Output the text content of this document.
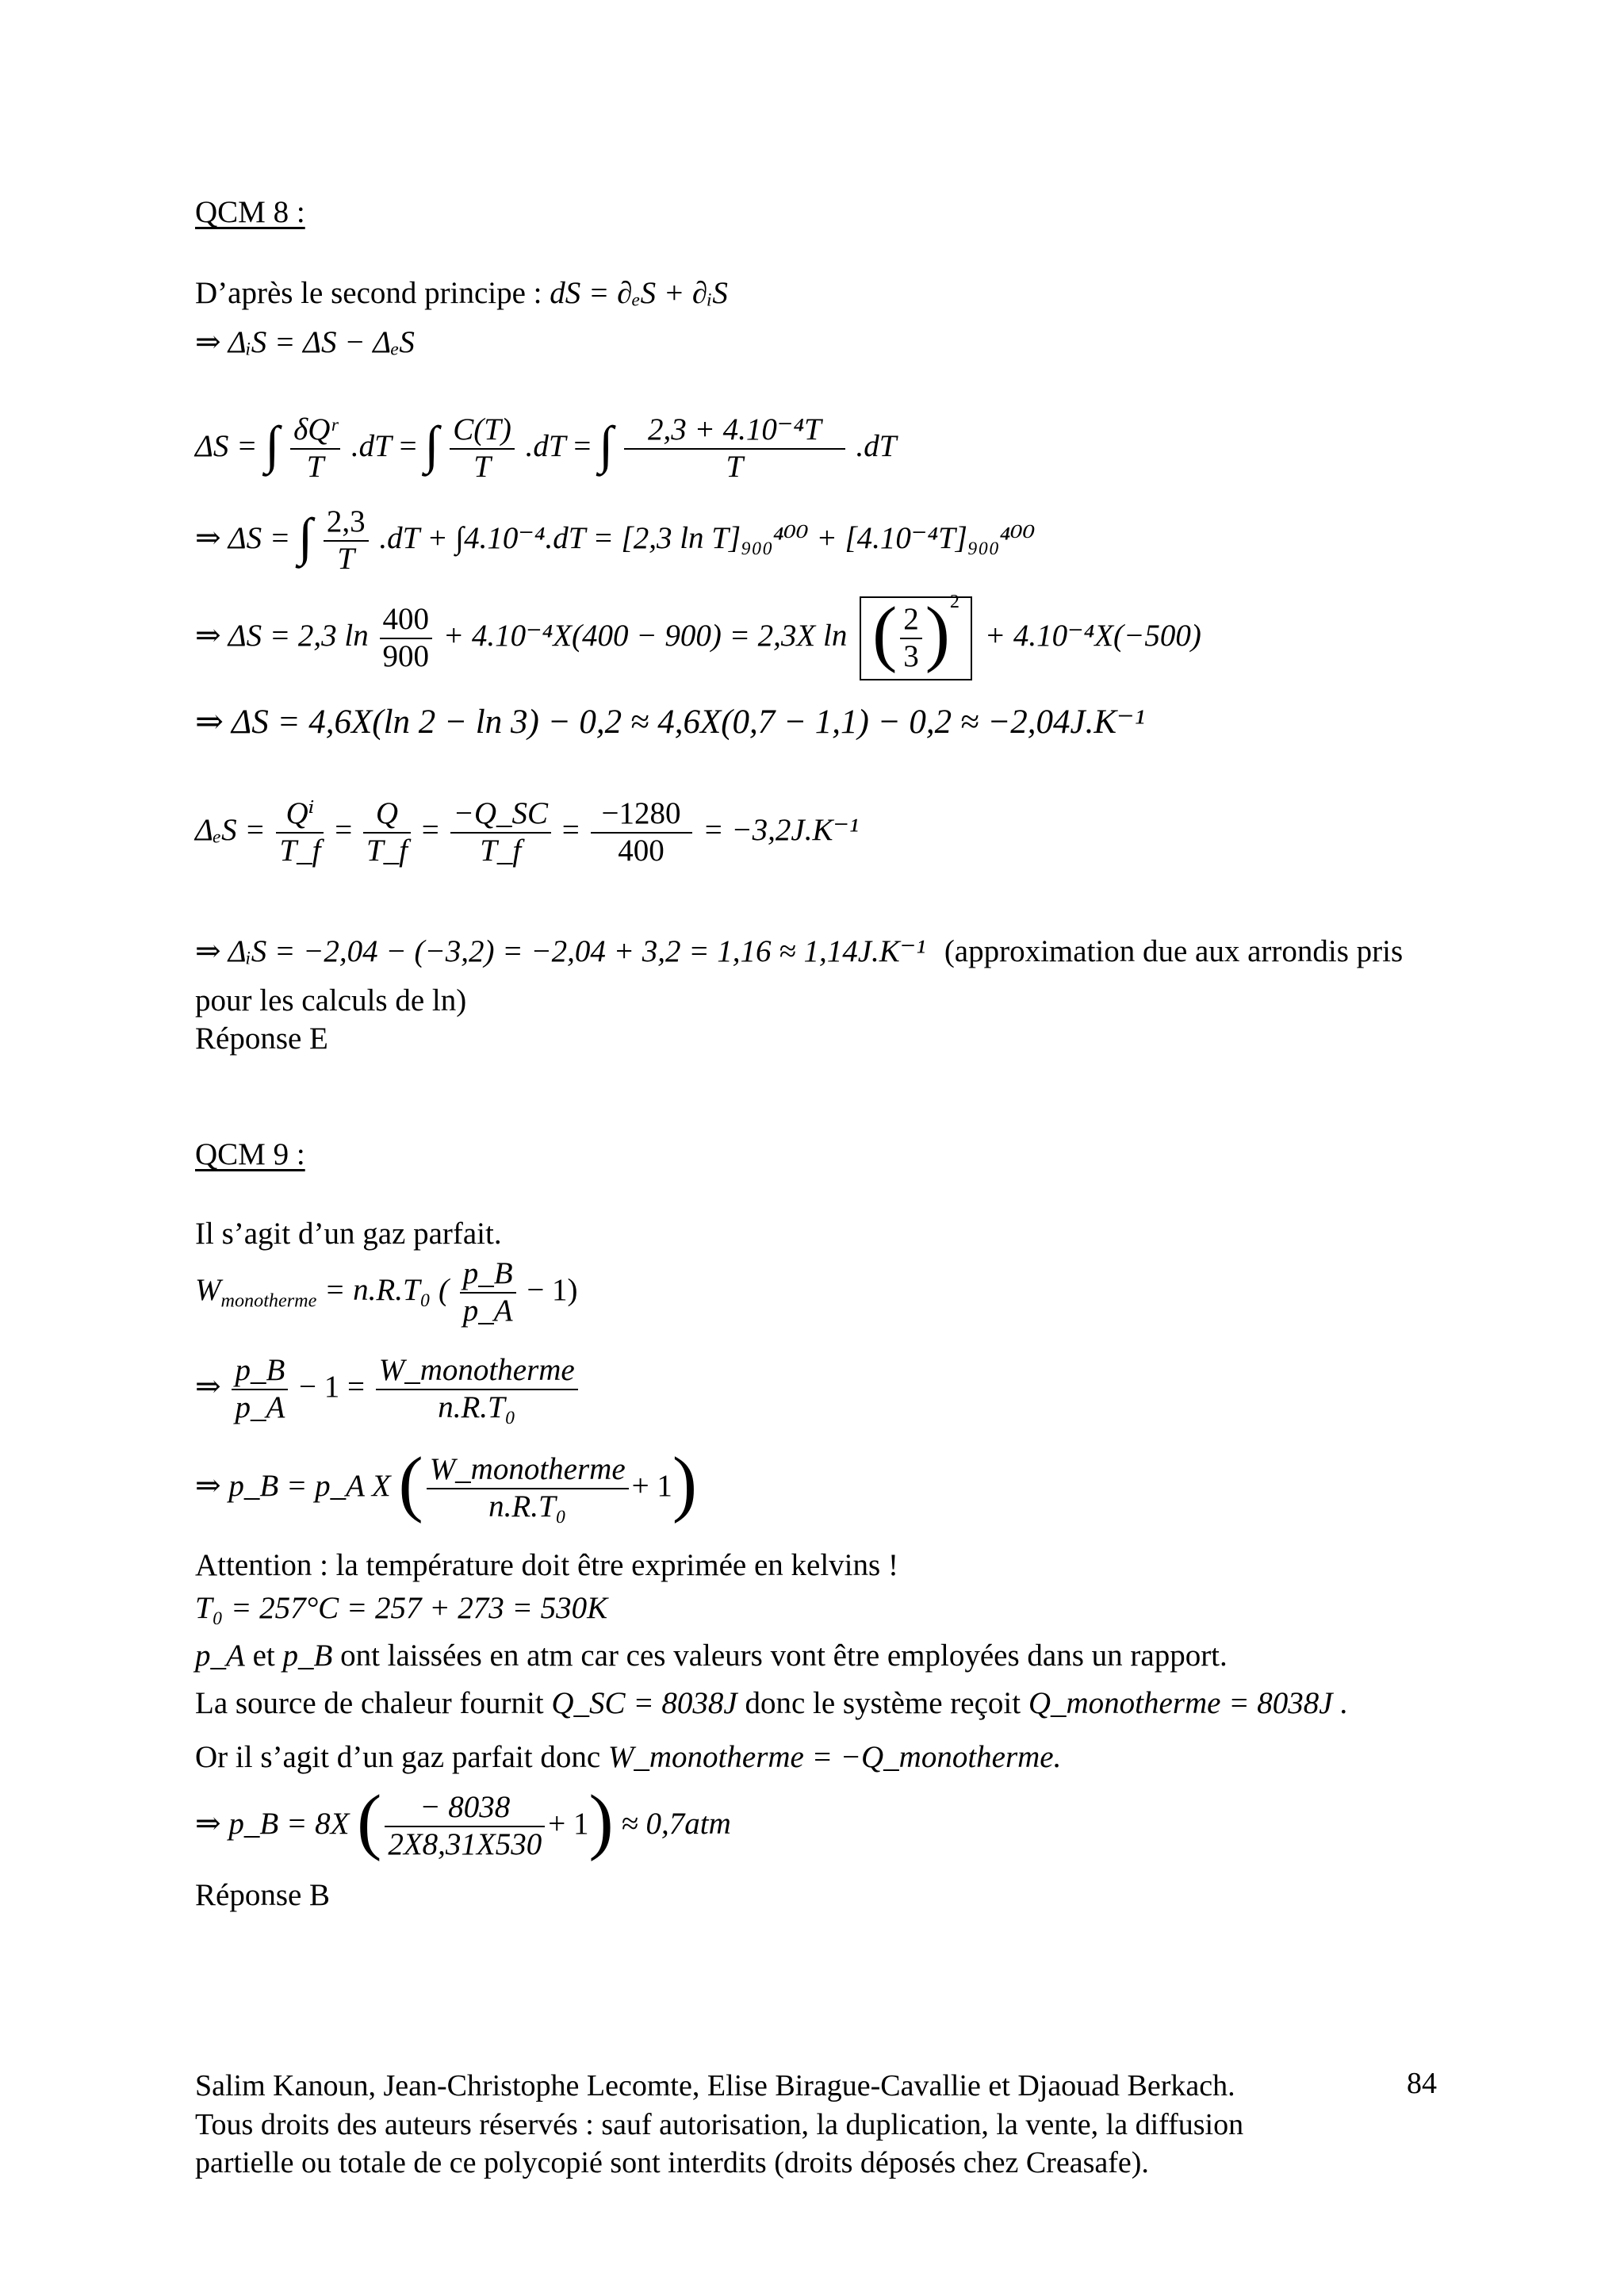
QCM 8 :
D’après le second principe : dS = ∂ₑS + ∂ᵢS
⇒ ΔᵢS = ΔS − ΔₑS
ΔS = ∫ $\frac{\text{δQʳ}}{T} .dT$ = ∫ $\frac{C(T)}{T} .dT$ = ∫ $\frac{\text{2,3 + 4.10⁻⁴T}}{T} .dT$
⇒ ΔS = ∫ $\frac{2,3}{T} .dT + \int 4.10^{-4}.dT = [2,3$ ln T]₉₀₀⁴⁰⁰ + [4.10⁻⁴T]₉₀₀⁴⁰⁰
⇒ ΔS = 2,3 $\ln \frac{400}{900} + 4.10^{-4}X(400 - 900) = 2,3X$ ln ( $\frac{2}{3} )^2 + 4.10^{-4}X(-500)$
⇒ ΔS = 4,6X(ln 2 − ln 3) − 0,2 ≈ 4,6X(0,7 − 1,1) − 0,2 ≈ −2,04J.K⁻¹
$\Delta_eS = \frac{\text{Qⁱ}}{T\_f} = \frac{Q}{T\_f} = \frac{-Q\_SC}{T\_f} = \frac{-1280}{400} = -3,2J.K^{-1}$
⇒ ΔᵢS = −2,04 − (−3,2) = −2,04 + 3,2 = 1,16 ≈ 1,14J.K⁻¹ (approximation due aux arrondis pris
pour les calculs de ln)
Réponse E
QCM 9 :
Il s’agit d’un gaz parfait.
$W_{monotherme} = n.R.T_0$ ( $\frac{p\_B}{p\_A} - 1$)
⇒ $\frac{p\_B}{p\_A} - 1 = \frac{\text{W\_monotherme}}{\text{n.R.T₀}}$
⇒ p_B = p_A X ( $\frac{\text{W\_monotherme}}{\text{n.R.T₀}} + 1$)
Attention : la température doit être exprimée en kelvins !
T₀ = 257°C = 257 + 273 = 530K
p_A et p_B ont laissées en atm car ces valeurs vont être employées dans un rapport.
La source de chaleur fournit Q_SC = 8038J donc le système reçoit Q_monotherme = 8038J .
Or il s’agit d’un gaz parfait donc W_monotherme = −Q_monotherme.
⇒ p_B = 8X ( $\frac{- 8038}{2X8,31X530} + 1) \approx 0,7atm$
Réponse B
Salim Kanoun, Jean-Christophe Lecomte, Elise Birague-Cavallie et Djaouad Berkach.
Tous droits des auteurs réservés : sauf autorisation, la duplication, la vente, la diffusion
partielle ou totale de ce polycopié sont interdits (droits déposés chez Creasafe).
84
